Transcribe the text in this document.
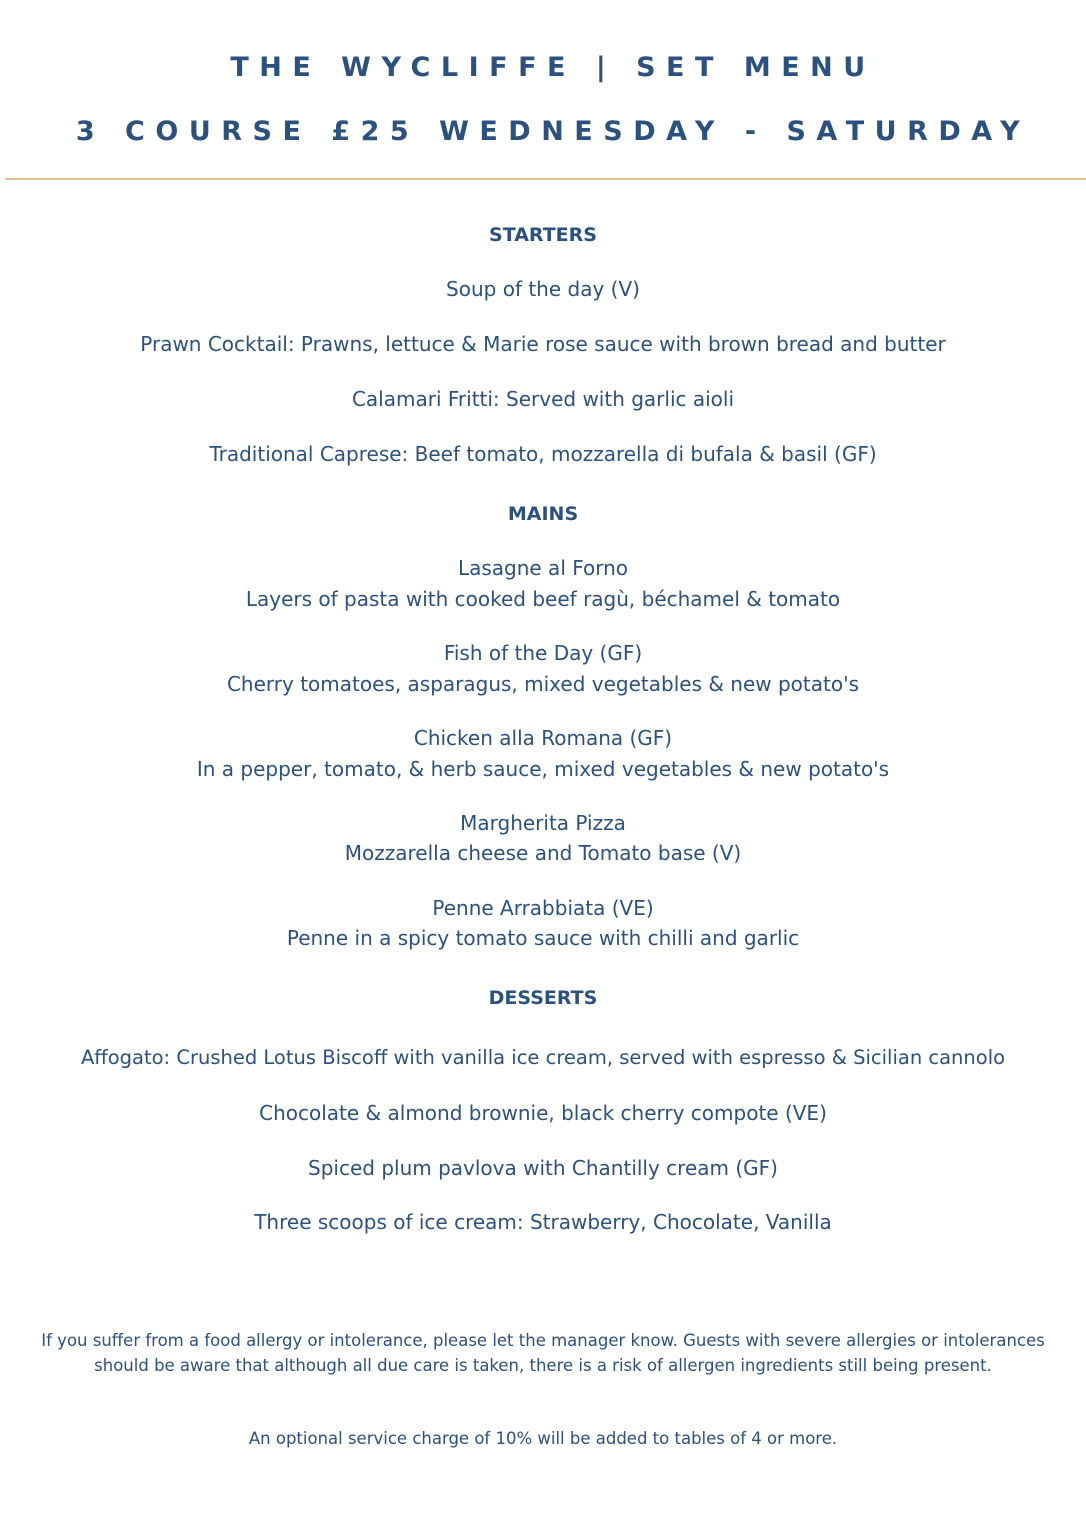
THE WYCLIFFE | SET MENU
3 COURSE £25 WEDNESDAY - SATURDAY
STARTERS
Soup of the day (V)
Prawn Cocktail: Prawns, lettuce & Marie rose sauce with brown bread and butter
Calamari Fritti: Served with garlic aioli
Traditional Caprese: Beef tomato, mozzarella di bufala & basil (GF)
MAINS
Lasagne al Forno
Layers of pasta with cooked beef ragù, béchamel & tomato
Fish of the Day (GF)
Cherry tomatoes, asparagus, mixed vegetables & new potato's
Chicken alla Romana (GF)
In a pepper, tomato, & herb sauce, mixed vegetables & new potato's
Margherita Pizza
Mozzarella cheese and Tomato base (V)
Penne Arrabbiata (VE)
Penne in a spicy tomato sauce with chilli and garlic
DESSERTS
Affogato: Crushed Lotus Biscoff with vanilla ice cream, served with espresso & Sicilian cannolo
Chocolate & almond brownie, black cherry compote (VE)
Spiced plum pavlova with Chantilly cream (GF)
Three scoops of ice cream: Strawberry, Chocolate, Vanilla
If you suffer from a food allergy or intolerance, please let the manager know. Guests with severe allergies or intolerances should be aware that although all due care is taken, there is a risk of allergen ingredients still being present.
An optional service charge of 10% will be added to tables of 4 or more.
